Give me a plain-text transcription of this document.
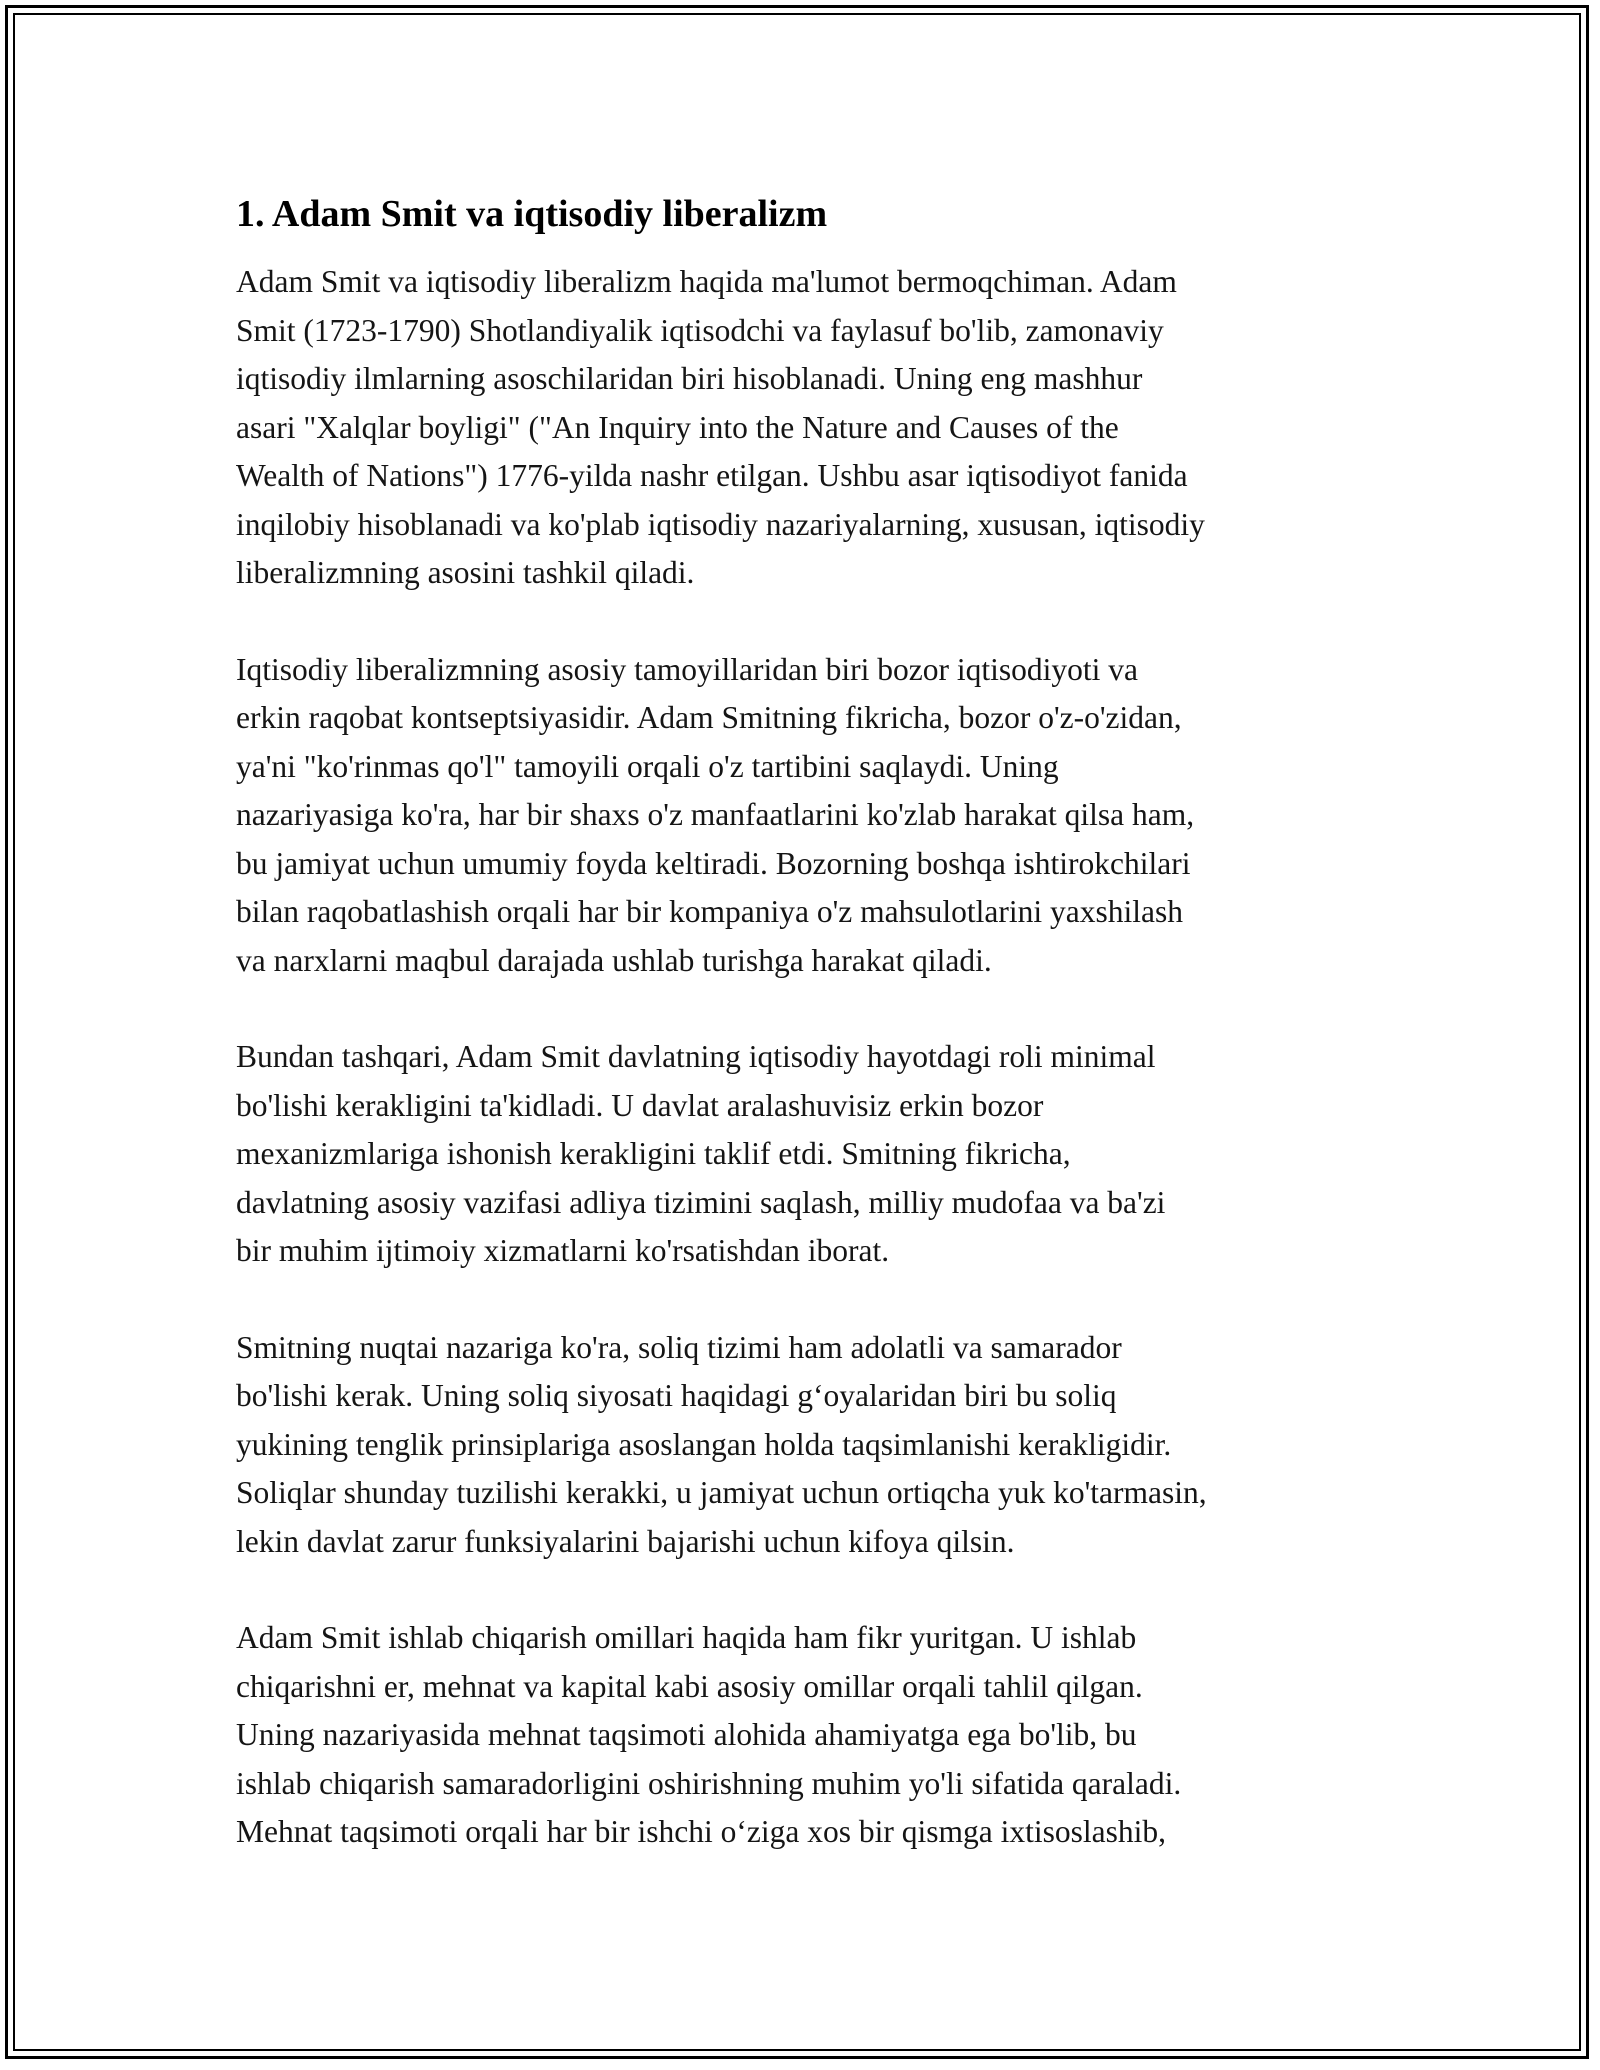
1. Adam Smit va iqtisodiy liberalizm

Adam Smit va iqtisodiy liberalizm haqida ma'lumot bermoqchiman. Adam
Smit (1723-1790) Shotlandiyalik iqtisodchi va faylasuf bo'lib, zamonaviy
iqtisodiy ilmlarning asoschilaridan biri hisoblanadi. Uning eng mashhur
asari "Xalqlar boyligi" ("An Inquiry into the Nature and Causes of the
Wealth of Nations") 1776-yilda nashr etilgan. Ushbu asar iqtisodiyot fanida
inqilobiy hisoblanadi va ko'plab iqtisodiy nazariyalarning, xususan, iqtisodiy
liberalizmning asosini tashkil qiladi.

Iqtisodiy liberalizmning asosiy tamoyillaridan biri bozor iqtisodiyoti va
erkin raqobat kontseptsiyasidir. Adam Smitning fikricha, bozor o'z-o'zidan,
ya'ni "ko'rinmas qo'l" tamoyili orqali o'z tartibini saqlaydi. Uning
nazariyasiga ko'ra, har bir shaxs o'z manfaatlarini ko'zlab harakat qilsa ham,
bu jamiyat uchun umumiy foyda keltiradi. Bozorning boshqa ishtirokchilari
bilan raqobatlashish orqali har bir kompaniya o'z mahsulotlarini yaxshilash
va narxlarni maqbul darajada ushlab turishga harakat qiladi.

Bundan tashqari, Adam Smit davlatning iqtisodiy hayotdagi roli minimal
bo'lishi kerakligini ta'kidladi. U davlat aralashuvisiz erkin bozor
mexanizmlariga ishonish kerakligini taklif etdi. Smitning fikricha,
davlatning asosiy vazifasi adliya tizimini saqlash, milliy mudofaa va ba'zi
bir muhim ijtimoiy xizmatlarni ko'rsatishdan iborat.

Smitning nuqtai nazariga ko'ra, soliq tizimi ham adolatli va samarador
bo'lishi kerak. Uning soliq siyosati haqidagi g‘oyalaridan biri bu soliq
yukining tenglik prinsiplariga asoslangan holda taqsimlanishi kerakligidir.
Soliqlar shunday tuzilishi kerakki, u jamiyat uchun ortiqcha yuk ko'tarmasin,
lekin davlat zarur funksiyalarini bajarishi uchun kifoya qilsin.

Adam Smit ishlab chiqarish omillari haqida ham fikr yuritgan. U ishlab
chiqarishni er, mehnat va kapital kabi asosiy omillar orqali tahlil qilgan.
Uning nazariyasida mehnat taqsimoti alohida ahamiyatga ega bo'lib, bu
ishlab chiqarish samaradorligini oshirishning muhim yo'li sifatida qaraladi.
Mehnat taqsimoti orqali har bir ishchi o‘ziga xos bir qismga ixtisoslashib,
